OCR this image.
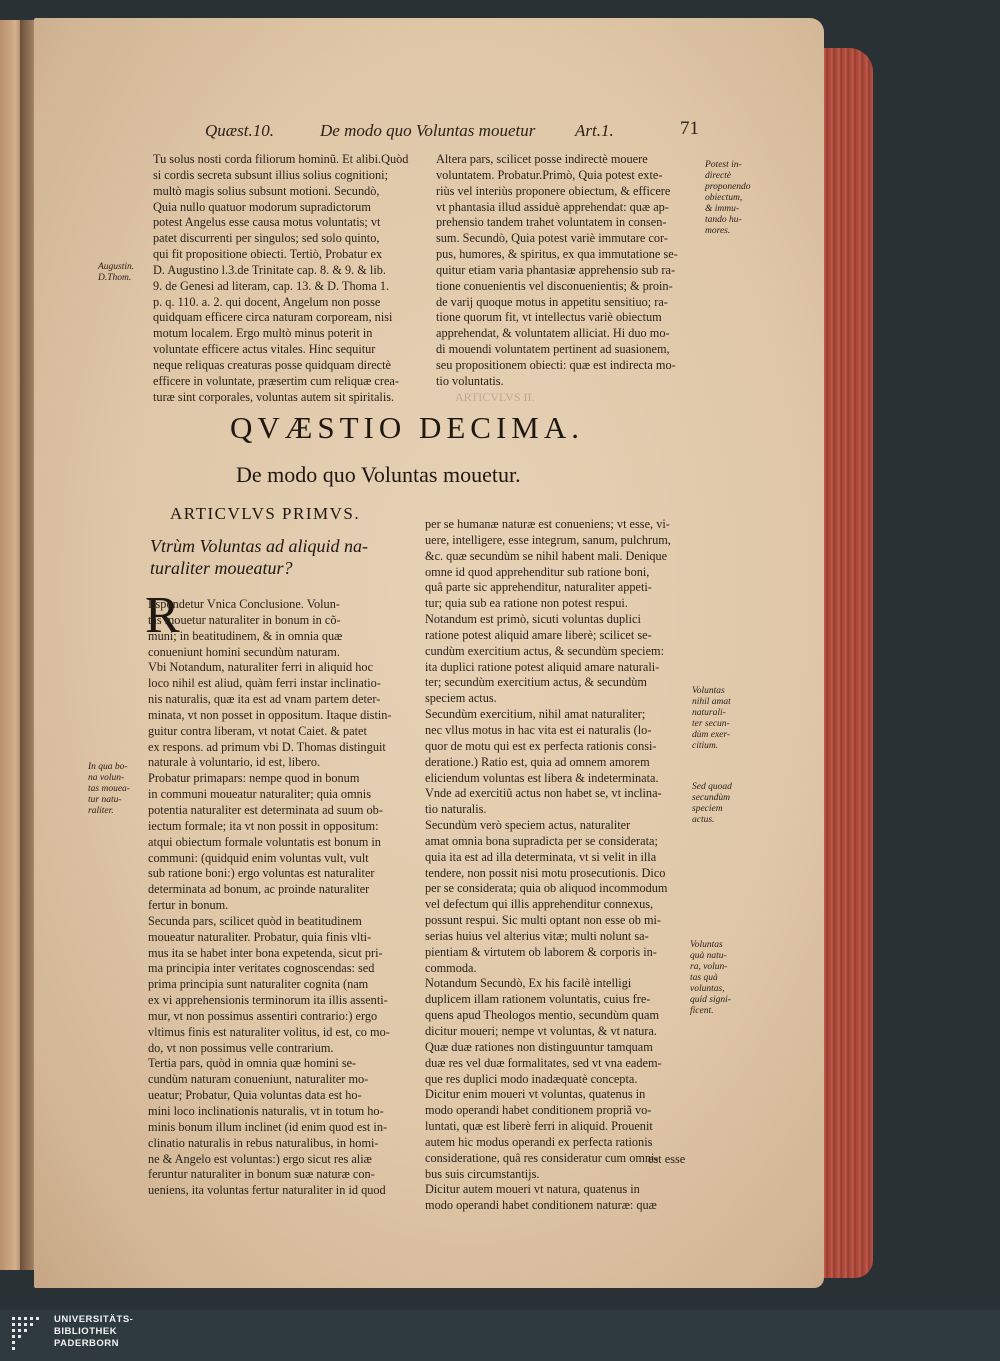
Quæst.10.	De modo quo Voluntas mouetur Art.1.	71
Tu solus nosti corda filiorum hominũ. Et alibi.Quòd
si cordis secreta subsunt illius solius cognitioni;
multò magis solius subsunt motioni. Secundò,
Quia nullo quatuor modorum supradictorum
potest Angelus esse causa motus voluntatis; vt
patet discurrenti per singulos; sed solo quinto,
qui fit propositione obiecti. Tertiò, Probatur ex
D. Augustino l.3.de Trinitate cap. 8. & 9. & lib.
9. de Genesi ad literam, cap. 13. & D. Thoma 1.
p. q. 110. a. 2. qui docent, Angelum non posse
quidquam efficere circa naturam corpoream, nisi
motum localem. Ergo multò minus poterit in
voluntate efficere actus vitales. Hinc sequitur
neque reliquas creaturas posse quidquam directè
efficere in voluntate, præsertim cum reliquæ crea-
turæ sint corporales, voluntas autem sit spiritalis.
Altera pars, scilicet posse indirectè mouere
voluntatem. Probatur.Primò, Quia potest exte-
riùs vel interiùs proponere obiectum, & efficere
vt phantasia illud assiduè apprehendat: quæ ap-
prehensio tandem trahet voluntatem in consen-
sum. Secundò, Quia potest variè immutare cor-
pus, humores, & spiritus, ex qua immutatione se-
quitur etiam varia phantasiæ apprehensio sub ra-
tione conuenientis vel disconuenientis; & proin-
de varij quoque motus in appetitu sensitiuo; ra-
tione quorum fit, vt intellectus variè obiectum
apprehendat, & voluntatem alliciat. Hi duo mo-
di mouendi voluntatem pertinent ad suasionem,
seu propositionem obiecti: quæ est indirecta mo-
tio voluntatis.
Augustin.
D.Thom.
Potest in-
directè
proponendo
obiectum,
& immu-
tando hu-
mores.
In qua bo-
na volun-
tas mouea-
tur natu-
raliter.
Voluntas
nihil amat
naturali-
ter secun-
dùm exer-
citium.
Sed quoad
secundùm
speciem
actus.
Voluntas
quà natu-
ra, volun-
tas quà
voluntas,
quid signi-
ficent.
ARTICVLVS II.
QVÆSTIO DECIMA.
De modo quo Voluntas mouetur.
ARTICVLVS PRIMVS.
Vtrùm Voluntas ad aliquid na- turaliter moueatur?
R
Espondetur Vnica Conclusione. Volun-
tas mouetur naturaliter in bonum in cõ-
muni; in beatitudinem, & in omnia quæ
conueniunt homini secundùm naturam.
Vbi Notandum, naturaliter ferri in aliquid hoc
loco nihil est aliud, quàm ferri instar inclinatio-
nis naturalis, quæ ita est ad vnam partem deter-
minata, vt non posset in oppositum. Itaque distin-
guitur contra liberam, vt notat Caiet. & patet
ex respons. ad primum vbi D. Thomas distinguit
naturale à voluntario, id est, libero.
Probatur primapars: nempe quod in bonum
in communi moueatur naturaliter; quia omnis
potentia naturaliter est determinata ad suum ob-
iectum formale; ita vt non possit in oppositum:
atqui obiectum formale voluntatis est bonum in
communi: (quidquid enim voluntas vult, vult
sub ratione boni:) ergo voluntas est naturaliter
determinata ad bonum, ac proinde naturaliter
fertur in bonum.
Secunda pars, scilicet quòd in beatitudinem
moueatur naturaliter. Probatur, quia finis vlti-
mus ita se habet inter bona expetenda, sicut pri-
ma principia inter veritates cognoscendas: sed
prima principia sunt naturaliter cognita (nam
ex vi apprehensionis terminorum ita illis assenti-
mur, vt non possimus assentiri contrario:) ergo
vltimus finis est naturaliter volitus, id est, co mo-
do, vt non possimus velle contrarium.
Tertia pars, quòd in omnia quæ homini se-
cundùm naturam conueniunt, naturaliter mo-
ueatur; Probatur, Quia voluntas data est ho-
mini loco inclinationis naturalis, vt in totum ho-
minis bonum illum inclinet (id enim quod est in-
clinatio naturalis in rebus naturalibus, in homi-
ne & Angelo est voluntas:) ergo sicut res aliæ
feruntur naturaliter in bonum suæ naturæ con-
ueniens, ita voluntas fertur naturaliter in id quod
per se humanæ naturæ est conueniens; vt esse, vi-
uere, intelligere, esse integrum, sanum, pulchrum,
&c. quæ secundùm se nihil habent mali. Denique
omne id quod apprehenditur sub ratione boni,
quâ parte sic apprehenditur, naturaliter appeti-
tur; quia sub ea ratione non potest respui.
Notandum est primò, sicuti voluntas duplici
ratione potest aliquid amare liberè; scilicet se-
cundùm exercitium actus, & secundùm speciem:
ita duplici ratione potest aliquid amare naturali-
ter; secundùm exercitium actus, & secundùm
speciem actus.
Secundùm exercitium, nihil amat naturaliter;
nec vllus motus in hac vita est ei naturalis (lo-
quor de motu qui est ex perfecta rationis consi-
deratione.) Ratio est, quia ad omnem amorem
eliciendum voluntas est libera & indeterminata.
Vnde ad exercitiũ actus non habet se, vt inclina-
tio naturalis.
Secundùm verò speciem actus, naturaliter
amat omnia bona supradicta per se considerata;
quia ita est ad illa determinata, vt si velit in illa
tendere, non possit nisi motu prosecutionis. Dico
per se considerata; quia ob aliquod incommodum
vel defectum qui illis apprehenditur connexus,
possunt respui. Sic multi optant non esse ob mi-
serias huius vel alterius vitæ; multi nolunt sa-
pientiam & virtutem ob laborem & corporis in-
commoda.
Notandum Secundò, Ex his facilè intelligi
duplicem illam rationem voluntatis, cuius fre-
quens apud Theologos mentio, secundùm quam
dicitur moueri; nempe vt voluntas, & vt natura.
Quæ duæ rationes non distinguuntur tamquam
duæ res vel duæ formalitates, sed vt vna eadem-
que res duplici modo inadæquatè concepta.
Dicitur enim moueri vt voluntas, quatenus in
modo operandi habet conditionem propriã vo-
luntati, quæ est liberè ferri in aliquid. Prouenit
autem hic modus operandi ex perfecta rationis
consideratione, quâ res consideratur cum omni-
bus suis circumstantijs.
Dicitur autem moueri vt natura, quatenus in
modo operandi habet conditionem naturæ: quæ
est esse
UNIVERSITÄTS-
BIBLIOTHEK
PADERBORN
